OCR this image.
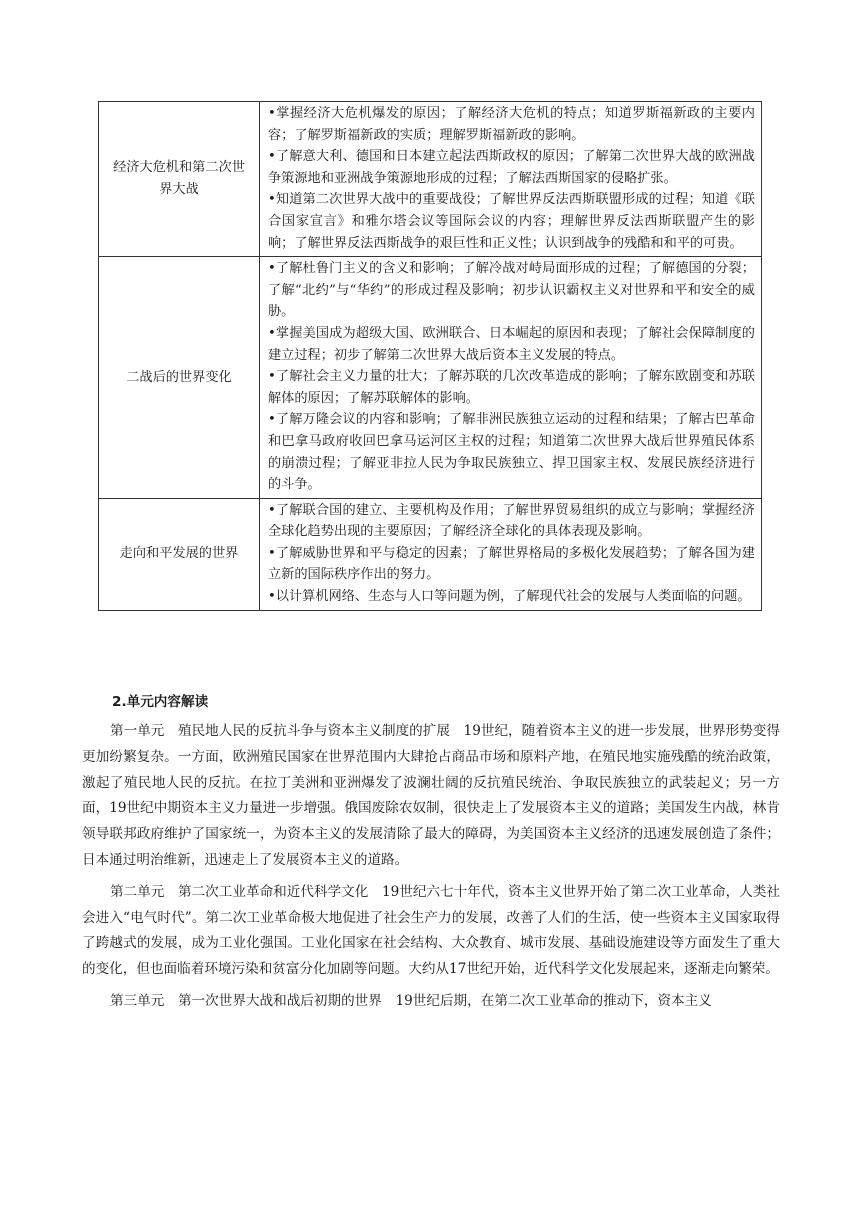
经济大危机和第二次世界大战	•掌握经济大危机爆发的原因；了解经济大危机的特点；知道罗斯福新政的主要内容；了解罗斯福新政的实质；理解罗斯福新政的影响。

•了解意大利、德国和日本建立起法西斯政权的原因；了解第二次世界大战的欧洲战争策源地和亚洲战争策源地形成的过程；了解法西斯国家的侵略扩张。

•知道第二次世界大战中的重要战役；了解世界反法西斯联盟形成的过程；知道《联合国家宣言》和雅尔塔会议等国际会议的内容；理解世界反法西斯联盟产生的影响；了解世界反法西斯战争的艰巨性和正义性；认识到战争的残酷和和平的可贵。

二战后的世界变化	•了解杜鲁门主义的含义和影响；了解冷战对峙局面形成的过程；了解德国的分裂；了解“北约”与“华约”的形成过程及影响；初步认识霸权主义对世界和平和安全的威胁。

•掌握美国成为超级大国、欧洲联合、日本崛起的原因和表现；了解社会保障制度的建立过程；初步了解第二次世界大战后资本主义发展的特点。

•了解社会主义力量的壮大；了解苏联的几次改革造成的影响；了解东欧剧变和苏联解体的原因；了解苏联解体的影响。

•了解万隆会议的内容和影响；了解非洲民族独立运动的过程和结果；了解古巴革命和巴拿马政府收回巴拿马运河区主权的过程；知道第二次世界大战后世界殖民体系的崩溃过程；了解亚非拉人民为争取民族独立、捍卫国家主权、发展民族经济进行的斗争。

走向和平发展的世界	•了解联合国的建立、主要机构及作用；了解世界贸易组织的成立与影响；掌握经济全球化趋势出现的主要原因；了解经济全球化的具体表现及影响。

•了解威胁世界和平与稳定的因素；了解世界格局的多极化发展趋势；了解各国为建立新的国际秩序作出的努力。

•以计算机网络、生态与人口等问题为例，了解现代社会的发展与人类面临的问题。

2.单元内容解读

第一单元　殖民地人民的反抗斗争与资本主义制度的扩展　19世纪，随着资本主义的进一步发展，世界形势变得更加纷繁复杂。一方面，欧洲殖民国家在世界范围内大肆抢占商品市场和原料产地，在殖民地实施残酷的统治政策，激起了殖民地人民的反抗。在拉丁美洲和亚洲爆发了波澜壮阔的反抗殖民统治、争取民族独立的武装起义；另一方面，19世纪中期资本主义力量进一步增强。俄国废除农奴制，很快走上了发展资本主义的道路；美国发生内战，林肯领导联邦政府维护了国家统一，为资本主义的发展清除了最大的障碍，为美国资本主义经济的迅速发展创造了条件；日本通过明治维新，迅速走上了发展资本主义的道路。

第二单元　第二次工业革命和近代科学文化　19世纪六七十年代，资本主义世界开始了第二次工业革命，人类社会进入“电气时代”。第二次工业革命极大地促进了社会生产力的发展，改善了人们的生活，使一些资本主义国家取得了跨越式的发展，成为工业化强国。工业化国家在社会结构、大众教育、城市发展、基础设施建设等方面发生了重大的变化，但也面临着环境污染和贫富分化加剧等问题。大约从17世纪开始，近代科学文化发展起来，逐渐走向繁荣。

第三单元　第一次世界大战和战后初期的世界　19世纪后期，在第二次工业革命的推动下，资本主义
